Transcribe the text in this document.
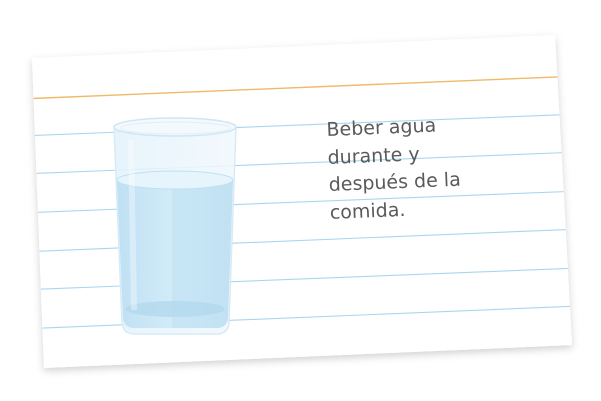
Beber agua
durante y
después de la
comida.
